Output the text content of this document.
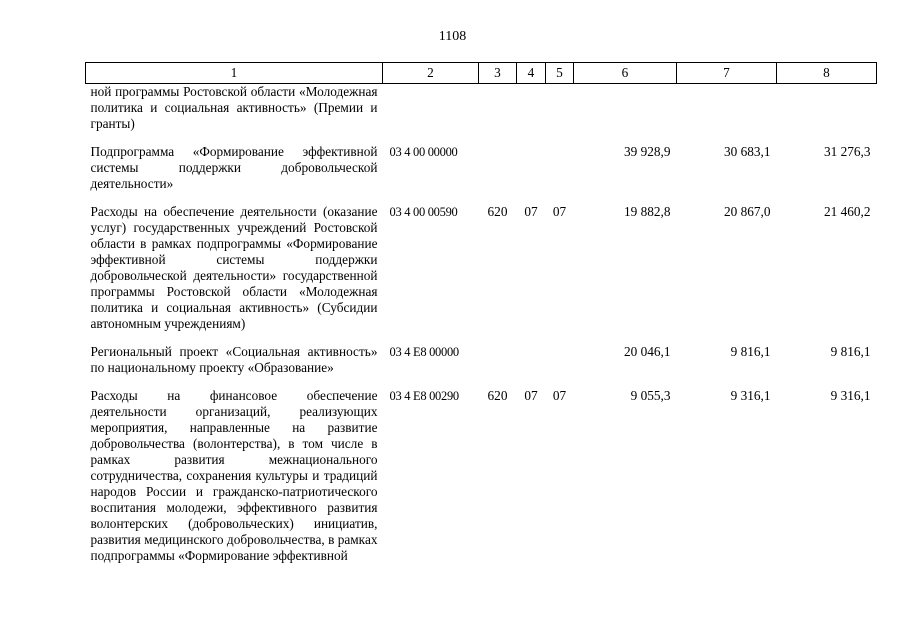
1108
1	2	3	4	5	6	7	8
ной программы Ростовской области «Молодежная политика и социальная активность» (Премии и гранты)							
Подпрограмма «Формирование эффективной системы поддержки добровольческой деятельности»	03 4 00 00000				39 928,9	30 683,1	31 276,3
Расходы на обеспечение деятельности (оказание услуг) государственных учреждений Ростовской области в рамках подпрограммы «Формирование эффективной системы поддержки добровольческой деятельности» государственной программы Ростовской области «Молодежная политика и социальная активность» (Субсидии автономным учреждениям)	03 4 00 00590	620	07	07	19 882,8	20 867,0	21 460,2
Региональный проект «Социальная активность» по национальному проекту «Образование»	03 4 E8 00000				20 046,1	9 816,1	9 816,1
Расходы на финансовое обеспечение деятельности организаций, реализующих мероприятия, направленные на развитие добровольчества (волонтерства), в том числе в рамках развития межнационального сотрудничества, сохранения культуры и традиций народов России и гражданско-патриотического воспитания молодежи, эффективного развития волонтерских (добровольческих) инициатив, развития медицинского добровольчества, в рамках подпрограммы «Формирование эффективной	03 4 E8 00290	620	07	07	9 055,3	9 316,1	9 316,1
